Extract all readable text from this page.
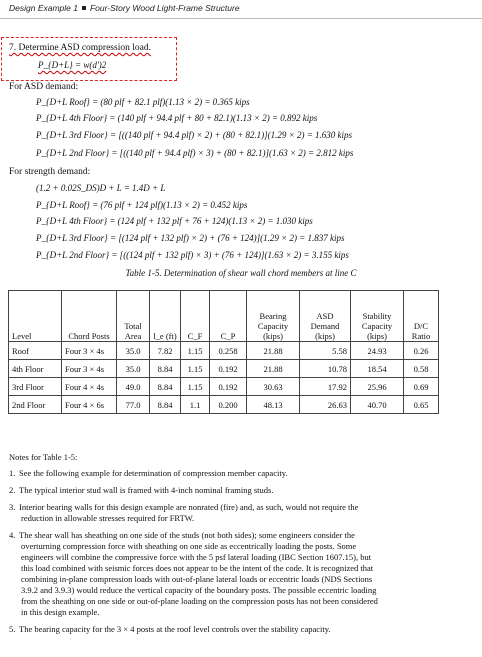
Design Example 1 Four-Story Wood Light-Frame Structure
7. Determine ASD compression load.
P_{D+L} = w(d')2
For ASD demand:
P_{D+L Roof} = (80 plf + 82.1 plf)(1.13 × 2) = 0.365 kips
P_{D+L 4th Floor} = (140 plf + 94.4 plf + 80 + 82.1)(1.13 × 2) = 0.892 kips
P_{D+L 3rd Floor} = [((140 plf + 94.4 plf) × 2) + (80 + 82.1)](1.29 × 2) = 1.630 kips
P_{D+L 2nd Floor} = [((140 plf + 94.4 plf) × 3) + (80 + 82.1)](1.63 × 2) = 2.812 kips
For strength demand:
(1.2 + 0.02S_DS)D + L = 1.4D + L
P_{D+L Roof} = (76 plf + 124 plf)(1.13 × 2) = 0.452 kips
P_{D+L 4th Floor} = (124 plf + 132 plf + 76 + 124)(1.13 × 2) = 1.030 kips
P_{D+L 3rd Floor} = [(124 plf + 132 plf) × 2) + (76 + 124)](1.29 × 2) = 1.837 kips
P_{D+L 2nd Floor} = [((124 plf + 132 plf) × 3) + (76 + 124)](1.63 × 2) = 3.155 kips
Table 1-5. Determination of shear wall chord members at line C
Level	Chord Posts	Total Area	l_e (ft)	C_F	C_P	Bearing Capacity (kips)	ASD Demand (kips)	Stability Capacity (kips)	D/C Ratio
Roof	Four 3 × 4s	35.0	7.82	1.15	0.258	21.88	5.58	24.93	0.26
4th Floor	Four 3 × 4s	35.0	8.84	1.15	0.192	21.88	10.78	18.54	0.58
3rd Floor	Four 4 × 4s	49.0	8.84	1.15	0.192	30.63	17.92	25.96	0.69
2nd Floor	Four 4 × 6s	77.0	8.84	1.1	0.200	48.13	26.63	40.70	0.65
Notes for Table 1-5:
1. See the following example for determination of compression member capacity.
2. The typical interior stud wall is framed with 4-inch nominal framing studs.
3. Interior bearing walls for this design example are nonrated (fire) and, as such, would not require the
reduction in allowable stresses required for FRTW.
4. The shear wall has sheathing on one side of the studs (not both sides); some engineers consider the
overturning compression force with sheathing on one side as eccentrically loading the posts. Some
engineers will combine the compressive force with the 5 psf lateral loading (IBC Section 1607.15), but
this load combined with seismic forces does not appear to be the intent of the code. It is recognized that
combining in-plane compression loads with out-of-plane lateral loads or eccentric loads (NDS Sections
3.9.2 and 3.9.3) would reduce the vertical capacity of the boundary posts. The possible eccentric loading
from the sheathing on one side or out-of-plane loading on the compression posts has not been considered
in this design example.
5. The bearing capacity for the 3 × 4 posts at the roof level controls over the stability capacity.
